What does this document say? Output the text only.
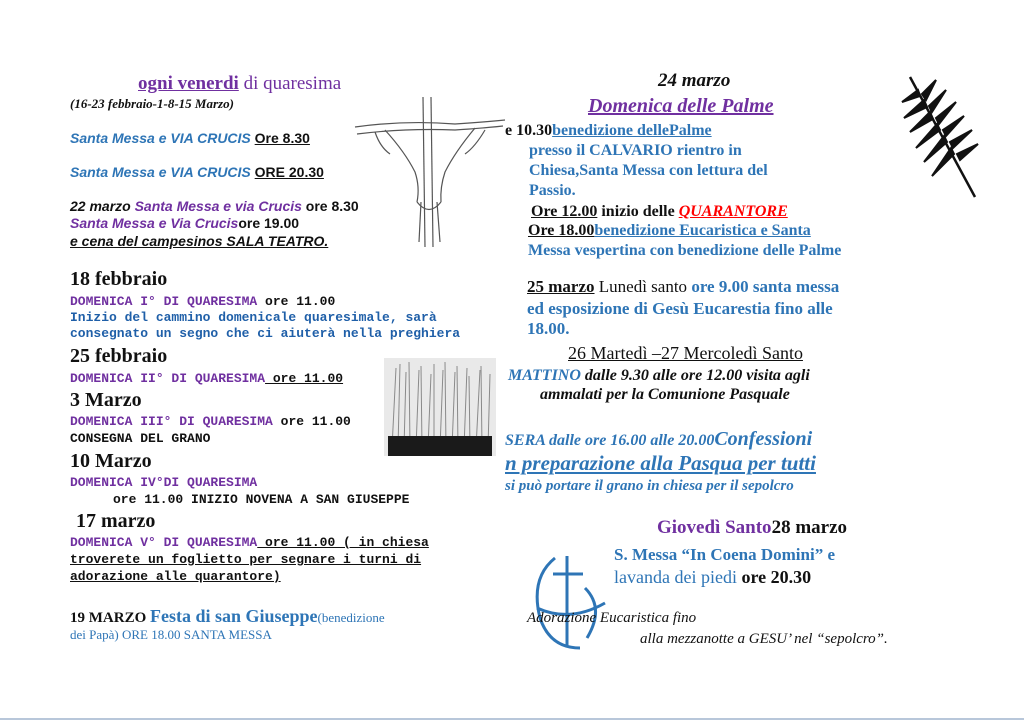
ogni venerdi di quaresima
(16-23 febbraio-1-8-15 Marzo)
Santa Messa e VIA CRUCIS Ore 8.30
Santa Messa e VIA CRUCIS ORE 20.30
22 marzo Santa Messa e via Crucis ore 8.30
Santa Messa e Via Crucisore 19.00
e cena del campesinos SALA TEATRO.
18 febbraio
DOMENICA I° DI QUARESIMA ore 11.00
Inizio del cammino domenicale quaresimale, sarà
consegnato un segno che ci aiuterà nella preghiera
25 febbraio
DOMENICA II° DI QUARESIMA ore 11.00
3 Marzo
DOMENICA III° DI QUARESIMA ore 11.00
CONSEGNA DEL GRANO
10 Marzo
DOMENICA IV°DI QUARESIMA
ore 11.00 INIZIO NOVENA A SAN GIUSEPPE
17 marzo
DOMENICA V° DI QUARESIMA ore 11.00 ( in chiesa
troverete un foglietto per segnare i turni di
adorazione alle quarantore)
19 MARZO Festa di san Giuseppe(benedizione
dei Papà) ORE 18.00 SANTA MESSA
24 marzo
Domenica delle Palme
e 10.30benedizione dellePalme
presso il CALVARIO rientro in
Chiesa,Santa Messa con lettura del
Passio.
Ore 12.00 inizio delle QUARANTORE
Ore 18.00benedizione Eucaristica e Santa
Messa vespertina con benedizione delle Palme
25 marzo Lunedì santo ore 9.00 santa messa
ed esposizione di Gesù Eucarestia fino alle
18.00.
26 Martedì –27 Mercoledì Santo
MATTINO dalle 9.30 alle ore 12.00 visita agli
ammalati per la Comunione Pasquale
SERA dalle ore 16.00 alle 20.00Confessioni
n preparazione alla Pasqua per tutti
si può portare il grano in chiesa per il sepolcro
Giovedì Santo28 marzo
S. Messa “In Coena Domini” e
lavanda dei piedi ore 20.30
Adorazione Eucaristica fino
alla mezzanotte a GESU’ nel “sepolcro”.
